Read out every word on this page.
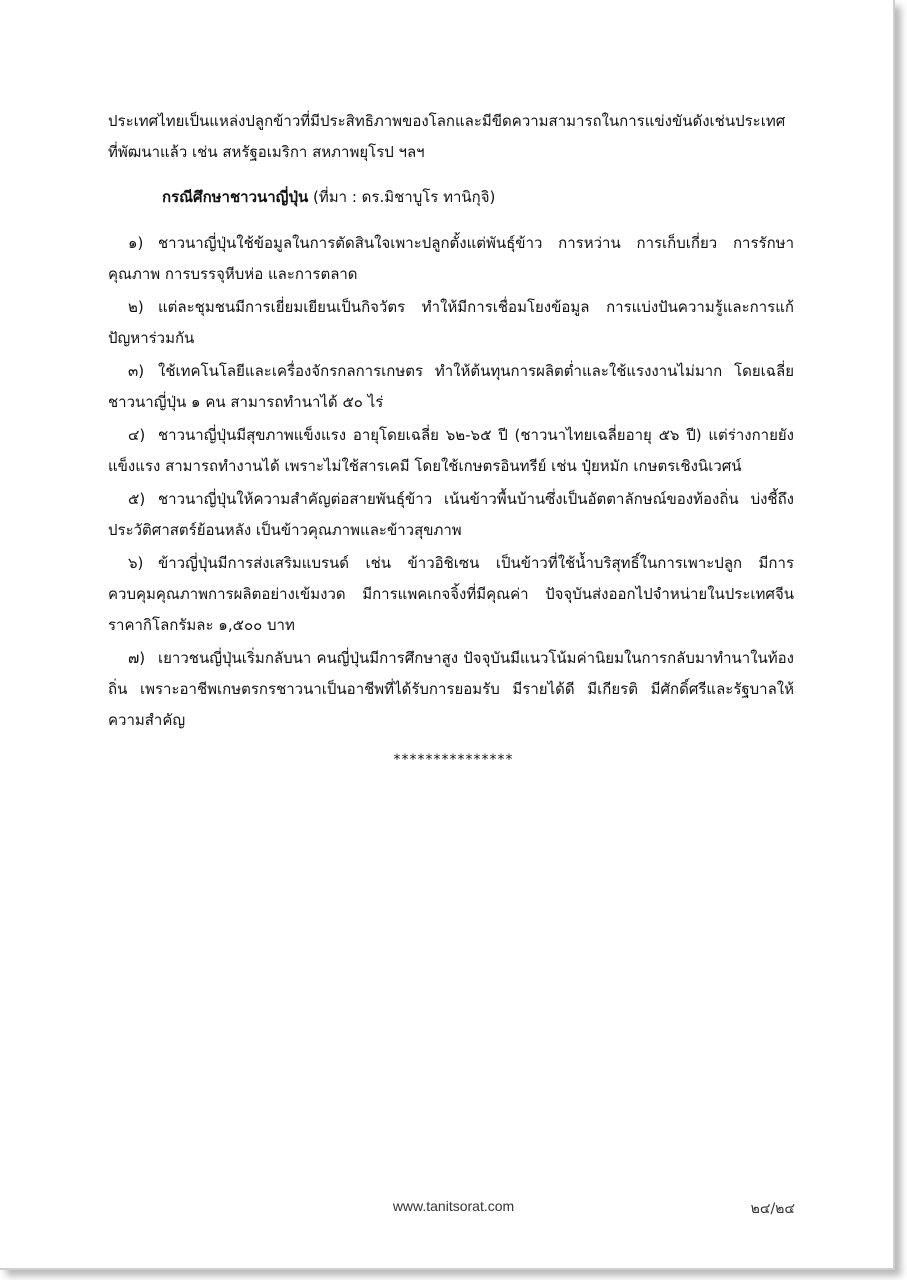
ประเทศไทยเป็นแหล่งปลูกข้าวที่มีประสิทธิภาพของโลกและมีขีดความสามารถในการแข่งขันดังเช่นประเทศที่พัฒนาแล้ว เช่น สหรัฐอเมริกา สหภาพยุโรป ฯลฯ

กรณีศึกษาชาวนาญี่ปุ่น (ที่มา : ดร.มิชาบูโร ทานิกุจิ)

๑) ชาวนาญี่ปุ่นใช้ข้อมูลในการตัดสินใจเพาะปลูกตั้งแต่พันธุ์ข้าว การหว่าน การเก็บเกี่ยว การรักษาคุณภาพ การบรรจุหีบห่อ และการตลาด

๒) แต่ละชุมชนมีการเยี่ยมเยียนเป็นกิจวัตร ทำให้มีการเชื่อมโยงข้อมูล การแบ่งปันความรู้และการแก้ปัญหาร่วมกัน

๓) ใช้เทคโนโลยีและเครื่องจักรกลการเกษตร ทำให้ต้นทุนการผลิตต่ำและใช้แรงงานไม่มาก โดยเฉลี่ยชาวนาญี่ปุ่น ๑ คน สามารถทำนาได้ ๕๐ ไร่

๔) ชาวนาญี่ปุ่นมีสุขภาพแข็งแรง อายุโดยเฉลี่ย ๖๒-๖๕ ปี (ชาวนาไทยเฉลี่ยอายุ ๕๖ ปี) แต่ร่างกายยังแข็งแรง สามารถทำงานได้ เพราะไม่ใช้สารเคมี โดยใช้เกษตรอินทรีย์ เช่น ปุ๋ยหมัก เกษตรเชิงนิเวศน์

๕) ชาวนาญี่ปุ่นให้ความสำคัญต่อสายพันธุ์ข้าว เน้นข้าวพื้นบ้านซึ่งเป็นอัตตาลักษณ์ของท้องถิ่น บ่งชี้ถึงประวัติศาสตร์ย้อนหลัง เป็นข้าวคุณภาพและข้าวสุขภาพ

๖) ข้าวญี่ปุ่นมีการส่งเสริมแบรนด์ เช่น ข้าวอิชิเซน เป็นข้าวที่ใช้น้ำบริสุทธิ์ในการเพาะปลูก มีการควบคุมคุณภาพการผลิตอย่างเข้มงวด มีการแพคเกจจิ้งที่มีคุณค่า ปัจจุบันส่งออกไปจำหน่ายในประเทศจีน ราคากิโลกรัมละ ๑,๕๐๐ บาท

๗) เยาวชนญี่ปุ่นเริ่มกลับนา คนญี่ปุ่นมีการศึกษาสูง ปัจจุบันมีแนวโน้มค่านิยมในการกลับมาทำนาในท้องถิ่น เพราะอาชีพเกษตรกรชาวนาเป็นอาชีพที่ได้รับการยอมรับ มีรายได้ดี มีเกียรติ มีศักดิ์ศรีและรัฐบาลให้ความสำคัญ

***************
www.tanitsorat.com	๒๔/๒๔
